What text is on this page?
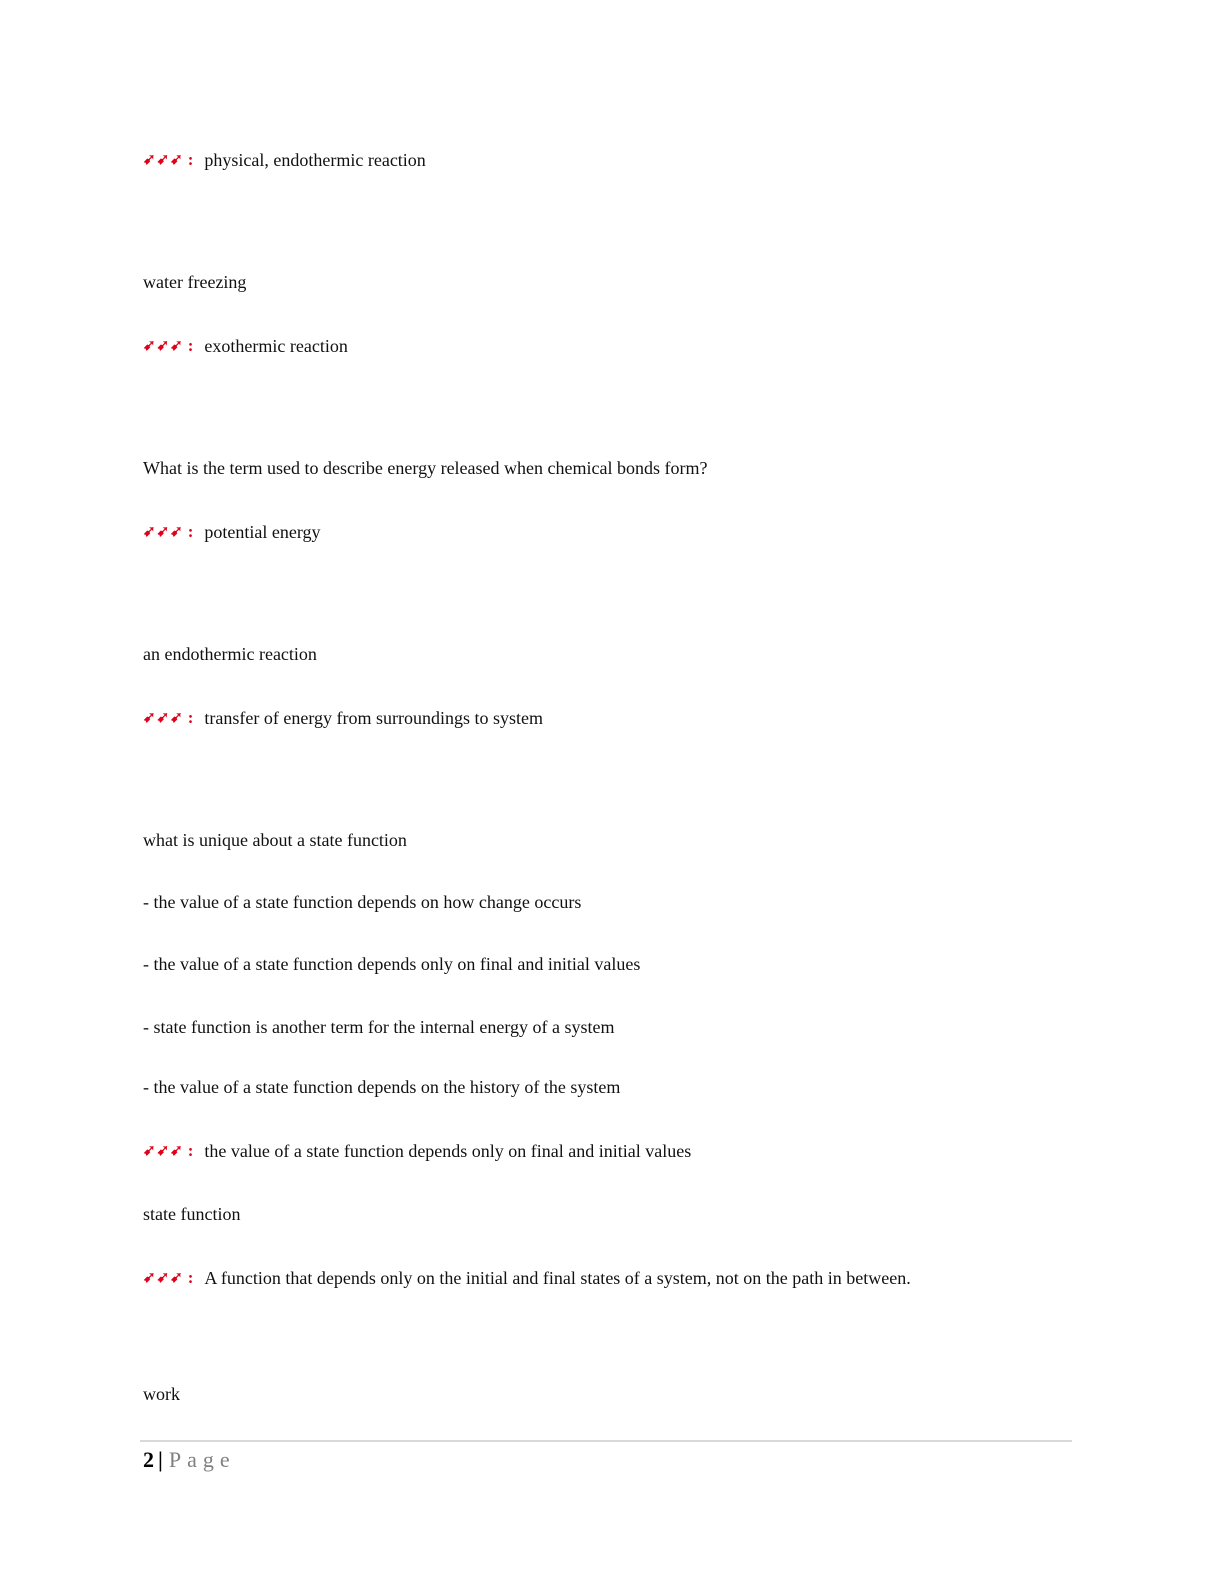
➹➹➹ : physical, endothermic reaction
water freezing
➹➹➹ : exothermic reaction
What is the term used to describe energy released when chemical bonds form?
➹➹➹ : potential energy
an endothermic reaction
➹➹➹ : transfer of energy from surroundings to system
what is unique about a state function
- the value of a state function depends on how change occurs
- the value of a state function depends only on final and initial values
- state function is another term for the internal energy of a system
- the value of a state function depends on the history of the system
➹➹➹ : the value of a state function depends only on final and initial values
state function
➹➹➹ : A function that depends only on the initial and final states of a system, not on the path in between.
work
2 | Page
